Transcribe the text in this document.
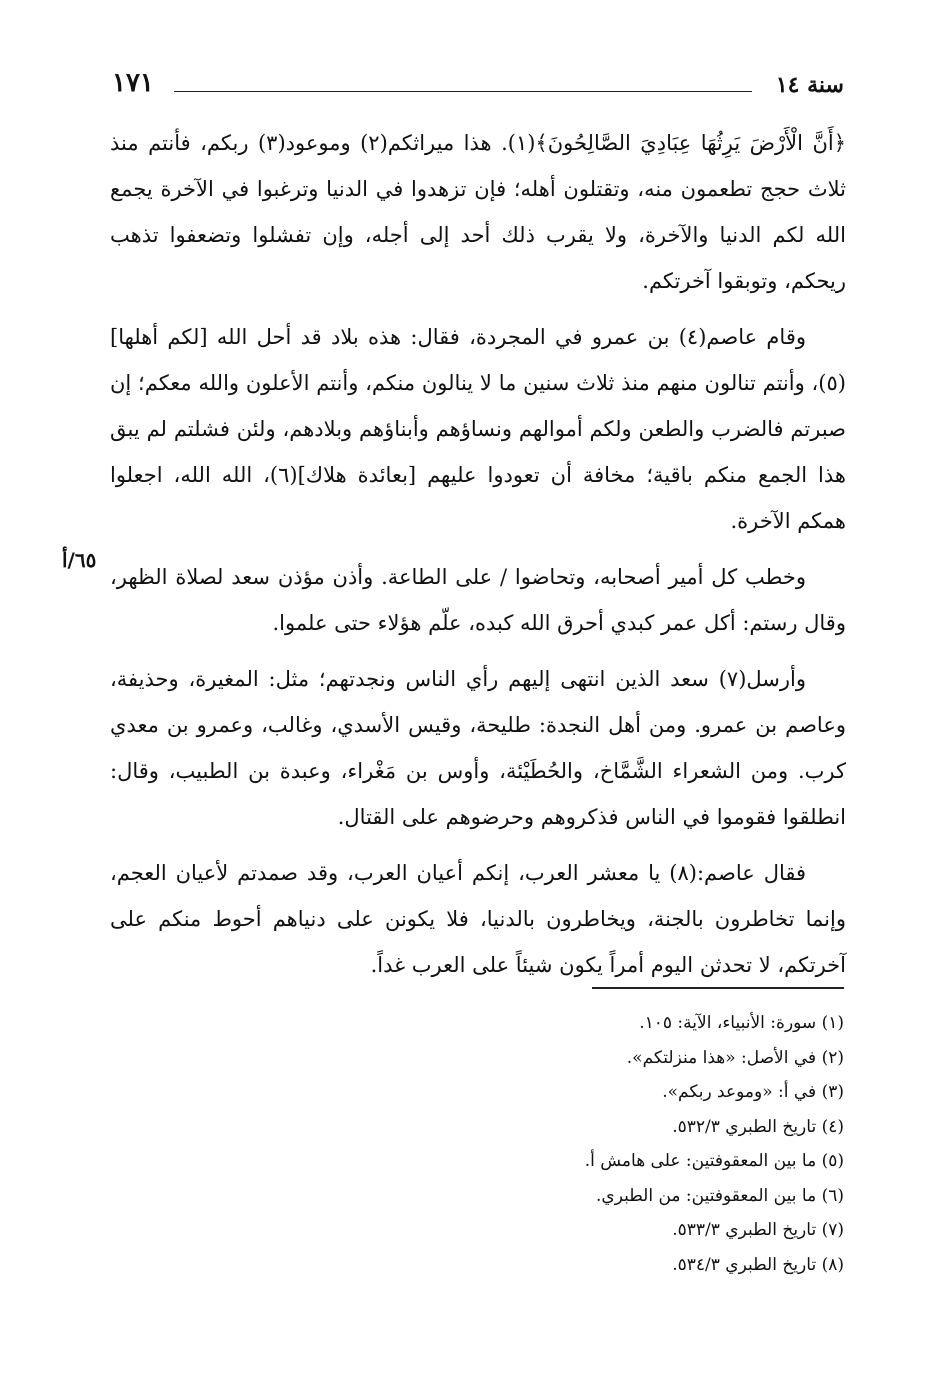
سنة ١٤
١٧١

﴿أَنَّ الْأَرْضَ يَرِثُهَا عِبَادِيَ الصَّالِحُونَ﴾(١). هذا ميراثكم(٢) وموعود(٣) ربكم، فأنتم منذ ثلاث حجج تطعمون منه، وتقتلون أهله؛ فإن تزهدوا في الدنيا وترغبوا في الآخرة يجمع الله لكم الدنيا والآخرة، ولا يقرب ذلك أحد إلى أجله، وإن تفشلوا وتضعفوا تذهب ريحكم، وتوبقوا آخرتكم.

وقام عاصم(٤) بن عمرو في المجردة، فقال: هذه بلاد قد أحل الله [لكم أهلها](٥)، وأنتم تنالون منهم منذ ثلاث سنين ما لا ينالون منكم، وأنتم الأعلون والله معكم؛ إن صبرتم فالضرب والطعن ولكم أموالهم ونساؤهم وأبناؤهم وبلادهم، ولئن فشلتم لم يبق هذا الجمع منكم باقية؛ مخافة أن تعودوا عليهم [بعائدة هلاك](٦)، الله الله، اجعلوا همكم الآخرة.

وخطب كل أمير أصحابه، وتحاضوا / على الطاعة. وأذن مؤذن سعد لصلاة الظهر، وقال رستم: أكل عمر كبدي أحرق الله كبده، علّم هؤلاء حتى علموا.

وأرسل(٧) سعد الذين انتهى إليهم رأي الناس ونجدتهم؛ مثل: المغيرة، وحذيفة، وعاصم بن عمرو. ومن أهل النجدة: طليحة، وقيس الأسدي، وغالب، وعمرو بن معدي كرب. ومن الشعراء الشَّمَّاخ، والحُطَيْئة، وأوس بن مَغْراء، وعبدة بن الطبيب، وقال: انطلقوا فقوموا في الناس فذكروهم وحرضوهم على القتال.

فقال عاصم:(٨) يا معشر العرب، إنكم أعيان العرب، وقد صمدتم لأعيان العجم، وإنما تخاطرون بالجنة، ويخاطرون بالدنيا، فلا يكونن على دنياهم أحوط منكم على آخرتكم، لا تحدثن اليوم أمراً يكون شيئاً على العرب غداً.

٦٥/أ

(١) سورة: الأنبياء، الآية: ١٠٥.

(٢) في الأصل: «هذا منزلتكم».

(٣) في أ: «وموعد ربكم».

(٤) تاريخ الطبري ٥٣٢/٣.

(٥) ما بين المعقوفتين: على هامش أ.

(٦) ما بين المعقوفتين: من الطبري.

(٧) تاريخ الطبري ٥٣٣/٣.

(٨) تاريخ الطبري ٥٣٤/٣.
